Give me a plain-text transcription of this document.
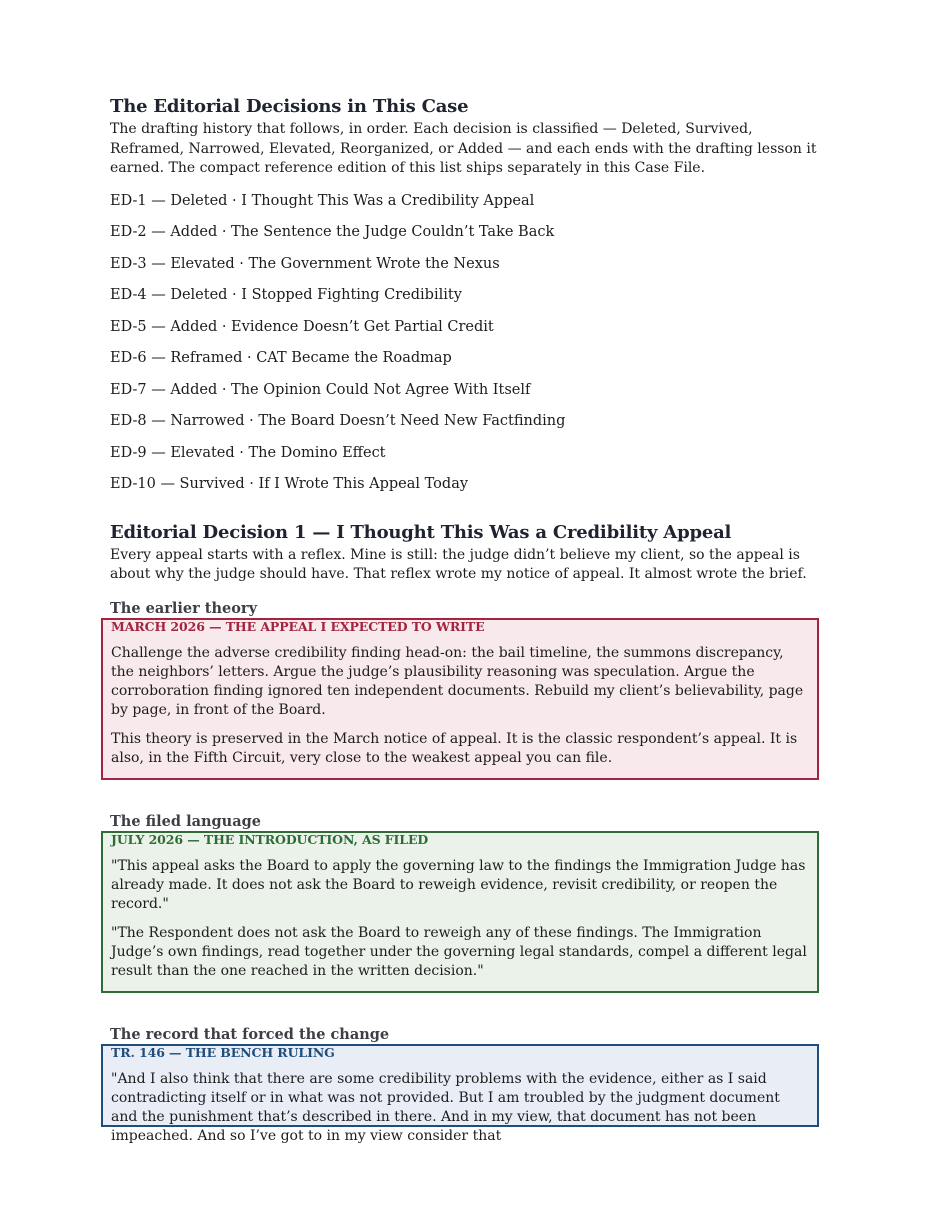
The Editorial Decisions in This Case

The drafting history that follows, in order. Each decision is classified — Deleted, Survived, Reframed, Narrowed, Elevated, Reorganized, or Added — and each ends with the drafting lesson it earned. The compact reference edition of this list ships separately in this Case File.

ED-1 — Deleted · I Thought This Was a Credibility Appeal
ED-2 — Added · The Sentence the Judge Couldn’t Take Back
ED-3 — Elevated · The Government Wrote the Nexus
ED-4 — Deleted · I Stopped Fighting Credibility
ED-5 — Added · Evidence Doesn’t Get Partial Credit
ED-6 — Reframed · CAT Became the Roadmap
ED-7 — Added · The Opinion Could Not Agree With Itself
ED-8 — Narrowed · The Board Doesn’t Need New Factfinding
ED-9 — Elevated · The Domino Effect
ED-10 — Survived · If I Wrote This Appeal Today
Editorial Decision 1 — I Thought This Was a Credibility Appeal

Every appeal starts with a reflex. Mine is still: the judge didn’t believe my client, so the appeal is about why the judge should have. That reflex wrote my notice of appeal. It almost wrote the brief.

The earlier theory
MARCH 2026 — THE APPEAL I EXPECTED TO WRITE

Challenge the adverse credibility finding head-on: the bail timeline, the summons discrepancy, the neighbors’ letters. Argue the judge’s plausibility reasoning was speculation. Argue the corroboration finding ignored ten independent documents. Rebuild my client’s believability, page by page, in front of the Board.

This theory is preserved in the March notice of appeal. It is the classic respondent’s appeal. It is also, in the Fifth Circuit, very close to the weakest appeal you can file.

The filed language
JULY 2026 — THE INTRODUCTION, AS FILED

"This appeal asks the Board to apply the governing law to the findings the Immigration Judge has already made. It does not ask the Board to reweigh evidence, revisit credibility, or reopen the record."

"The Respondent does not ask the Board to reweigh any of these findings. The Immigration Judge’s own findings, read together under the governing legal standards, compel a different legal result than the one reached in the written decision."

The record that forced the change
TR. 146 — THE BENCH RULING

"And I also think that there are some credibility problems with the evidence, either as I said contradicting itself or in what was not provided. But I am troubled by the judgment document and the punishment that’s described in there. And in my view, that document has not been impeached. And so I’ve got to in my view consider that
